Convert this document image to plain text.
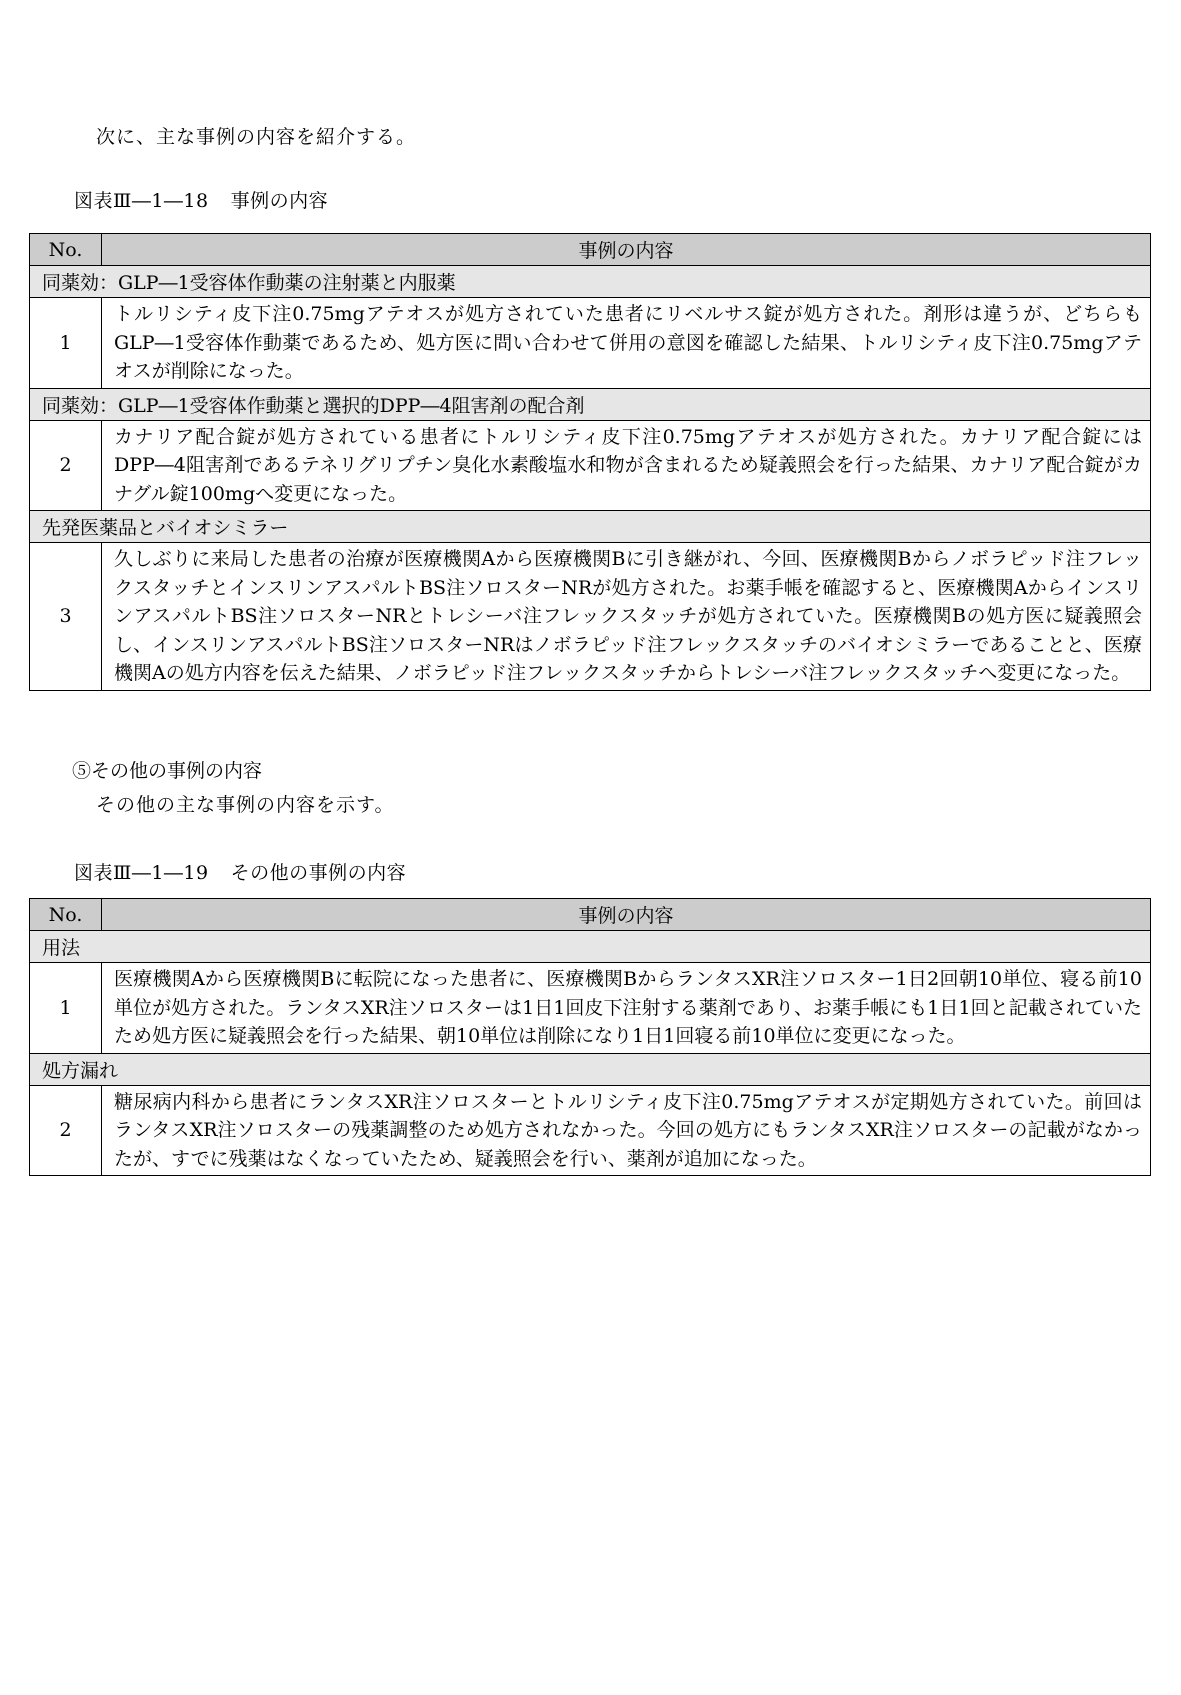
次に、主な事例の内容を紹介する。
図表Ⅲ―1―18 事例の内容
No.	事例の内容
同薬効：GLP―1受容体作動薬の注射薬と内服薬	
1	トルリシティ皮下注0.75mgアテオスが処方されていた患者にリベルサス錠が処方された。剤形は違うが、どちらもGLP―1受容体作動薬であるため、処方医に問い合わせて併用の意図を確認した結果、トルリシティ皮下注0.75mgアテオスが削除になった。
同薬効：GLP―1受容体作動薬と選択的DPP―4阻害剤の配合剤	
2	カナリア配合錠が処方されている患者にトルリシティ皮下注0.75mgアテオスが処方された。カナリア配合錠にはDPP―4阻害剤であるテネリグリプチン臭化水素酸塩水和物が含まれるため疑義照会を行った結果、カナリア配合錠がカナグル錠100mgへ変更になった。
先発医薬品とバイオシミラー	
3	久しぶりに来局した患者の治療が医療機関Aから医療機関Bに引き継がれ、今回、医療機関Bからノボラピッド注フレックスタッチとインスリンアスパルトBS注ソロスターNRが処方された。お薬手帳を確認すると、医療機関AからインスリンアスパルトBS注ソロスターNRとトレシーバ注フレックスタッチが処方されていた。医療機関Bの処方医に疑義照会し、インスリンアスパルトBS注ソロスターNRはノボラピッド注フレックスタッチのバイオシミラーであることと、医療機関Aの処方内容を伝えた結果、ノボラピッド注フレックスタッチからトレシーバ注フレックスタッチへ変更になった。
⑤その他の事例の内容
その他の主な事例の内容を示す。
図表Ⅲ―1―19 その他の事例の内容
No.	事例の内容
用法	
1	医療機関Aから医療機関Bに転院になった患者に、医療機関BからランタスXR注ソロスター1日2回朝10単位、寝る前10単位が処方された。ランタスXR注ソロスターは1日1回皮下注射する薬剤であり、お薬手帳にも1日1回と記載されていたため処方医に疑義照会を行った結果、朝10単位は削除になり1日1回寝る前10単位に変更になった。
処方漏れ	
2	糖尿病内科から患者にランタスXR注ソロスターとトルリシティ皮下注0.75mgアテオスが定期処方されていた。前回はランタスXR注ソロスターの残薬調整のため処方されなかった。今回の処方にもランタスXR注ソロスターの記載がなかったが、すでに残薬はなくなっていたため、疑義照会を行い、薬剤が追加になった。
